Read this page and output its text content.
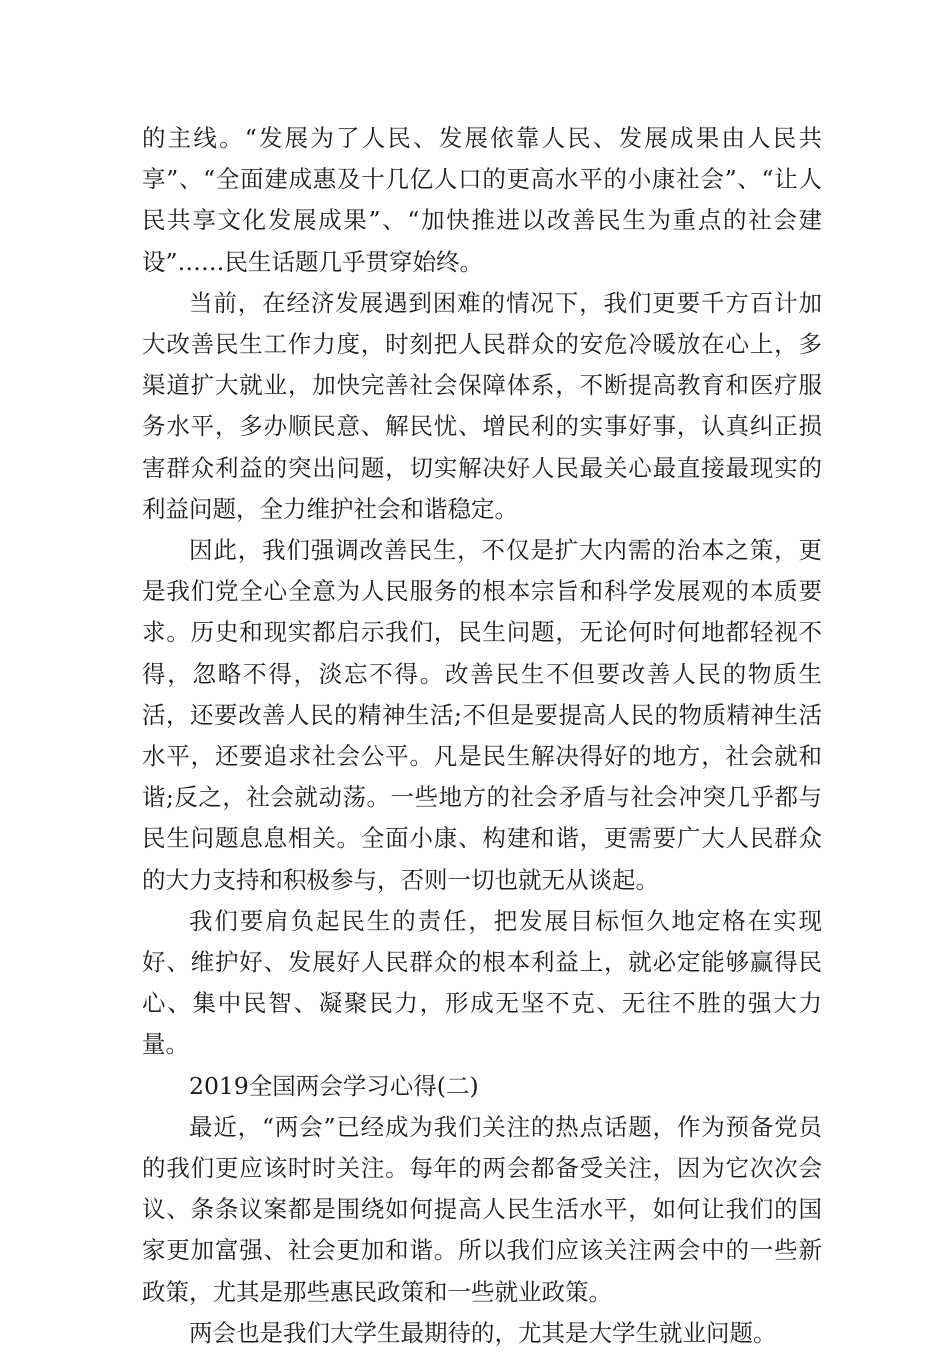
的主线。“发展为了人民、发展依靠人民、发展成果由人民共享”、“全面建成惠及十几亿人口的更高水平的小康社会”、“让人民共享文化发展成果”、“加快推进以改善民生为重点的社会建设”……民生话题几乎贯穿始终。

当前，在经济发展遇到困难的情况下，我们更要千方百计加大改善民生工作力度，时刻把人民群众的安危冷暖放在心上，多渠道扩大就业，加快完善社会保障体系，不断提高教育和医疗服务水平，多办顺民意、解民忧、增民利的实事好事，认真纠正损害群众利益的突出问题，切实解决好人民最关心最直接最现实的利益问题，全力维护社会和谐稳定。

因此，我们强调改善民生，不仅是扩大内需的治本之策，更是我们党全心全意为人民服务的根本宗旨和科学发展观的本质要求。历史和现实都启示我们，民生问题，无论何时何地都轻视不得，忽略不得，淡忘不得。改善民生不但要改善人民的物质生活，还要改善人民的精神生活;不但是要提高人民的物质精神生活水平，还要追求社会公平。凡是民生解决得好的地方，社会就和谐;反之，社会就动荡。一些地方的社会矛盾与社会冲突几乎都与民生问题息息相关。全面小康、构建和谐，更需要广大人民群众的大力支持和积极参与，否则一切也就无从谈起。

我们要肩负起民生的责任，把发展目标恒久地定格在实现好、维护好、发展好人民群众的根本利益上，就必定能够赢得民心、集中民智、凝聚民力，形成无坚不克、无往不胜的强大力量。

2019全国两会学习心得(二)

最近，“两会”已经成为我们关注的热点话题，作为预备党员的我们更应该时时关注。每年的两会都备受关注，因为它次次会议、条条议案都是围绕如何提高人民生活水平，如何让我们的国家更加富强、社会更加和谐。所以我们应该关注两会中的一些新政策，尤其是那些惠民政策和一些就业政策。

两会也是我们大学生最期待的，尤其是大学生就业问题。
